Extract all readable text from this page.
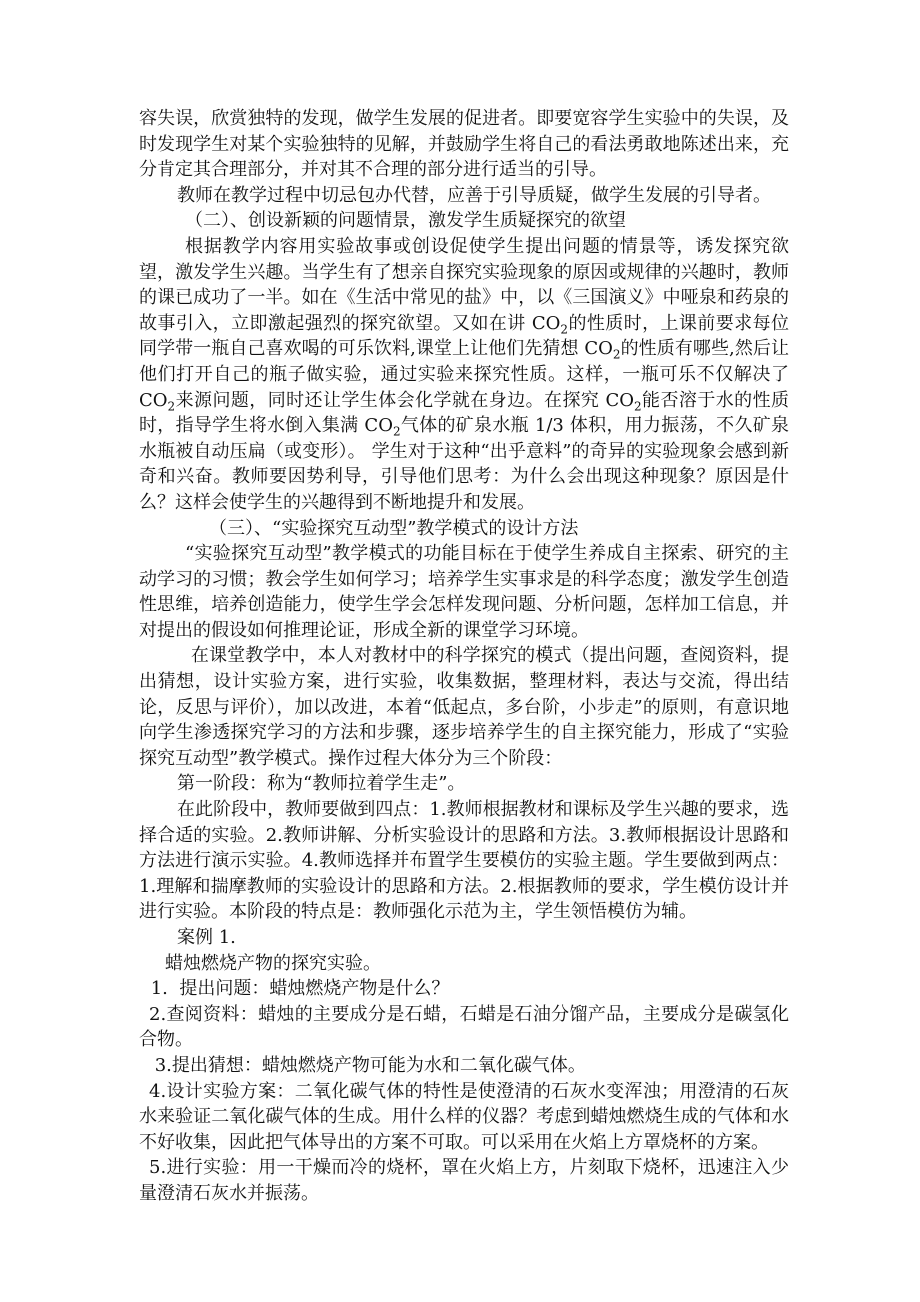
容失误，欣赏独特的发现，做学生发展的促进者。即要宽容学生实验中的失误，及时发现学生对某个实验独特的见解，并鼓励学生将自己的看法勇敢地陈述出来，充分肯定其合理部分，并对其不合理的部分进行适当的引导。

教师在教学过程中切忌包办代替，应善于引导质疑，做学生发展的引导者。

（二）、创设新颖的问题情景，激发学生质疑探究的欲望

根据教学内容用实验故事或创设促使学生提出问题的情景等，诱发探究欲望，激发学生兴趣。当学生有了想亲自探究实验现象的原因或规律的兴趣时，教师的课已成功了一半。如在《生活中常见的盐》中，以《三国演义》中哑泉和药泉的故事引入，立即激起强烈的探究欲望。又如在讲 $CO_2$的性质时，上课前要求每位同学带一瓶自己喜欢喝的可乐饮料,课堂上让他们先猜想 $CO_2$的性质有哪些,然后让他们打开自己的瓶子做实验，通过实验来探究性质。这样，一瓶可乐不仅解决了 $CO_2$来源问题，同时还让学生体会化学就在身边。在探究 $CO_2$能否溶于水的性质时，指导学生将水倒入集满 $CO_2$气体的矿泉水瓶 1/3 体积，用力振荡，不久矿泉水瓶被自动压扁（或变形）。 学生对于这种“出乎意料”的奇异的实验现象会感到新奇和兴奋。教师要因势利导，引导他们思考：为什么会出现这种现象？原因是什么？这样会使学生的兴趣得到不断地提升和发展。

（三）、“实验探究互动型”教学模式的设计方法

“实验探究互动型”教学模式的功能目标在于使学生养成自主探索、研究的主动学习的习惯；教会学生如何学习；培养学生实事求是的科学态度；激发学生创造性思维，培养创造能力，使学生学会怎样发现问题、分析问题，怎样加工信息，并对提出的假设如何推理论证，形成全新的课堂学习环境。

在课堂教学中，本人对教材中的科学探究的模式（提出问题，查阅资料，提出猜想，设计实验方案，进行实验，收集数据，整理材料，表达与交流，得出结论，反思与评价），加以改进，本着“低起点，多台阶，小步走”的原则，有意识地向学生渗透探究学习的方法和步骤，逐步培养学生的自主探究能力，形成了“实验探究互动型”教学模式。操作过程大体分为三个阶段：

第一阶段：称为“教师拉着学生走”。

在此阶段中，教师要做到四点：1.教师根据教材和课标及学生兴趣的要求，选择合适的实验。2.教师讲解、分析实验设计的思路和方法。3.教师根据设计思路和方法进行演示实验。4.教师选择并布置学生要模仿的实验主题。学生要做到两点：1.理解和揣摩教师的实验设计的思路和方法。2.根据教师的要求，学生模仿设计并进行实验。本阶段的特点是：教师强化示范为主，学生领悟模仿为辅。

案例 1.

蜡烛燃烧产物的探究实验。

1.  提出问题：蜡烛燃烧产物是什么？

2.查阅资料：蜡烛的主要成分是石蜡，石蜡是石油分馏产品，主要成分是碳氢化合物。

3.提出猜想：蜡烛燃烧产物可能为水和二氧化碳气体。

4.设计实验方案：二氧化碳气体的特性是使澄清的石灰水变浑浊；用澄清的石灰水来验证二氧化碳气体的生成。用什么样的仪器？考虑到蜡烛燃烧生成的气体和水不好收集，因此把气体导出的方案不可取。可以采用在火焰上方罩烧杯的方案。

5.进行实验：用一干燥而冷的烧杯，罩在火焰上方，片刻取下烧杯，迅速注入少量澄清石灰水并振荡。
